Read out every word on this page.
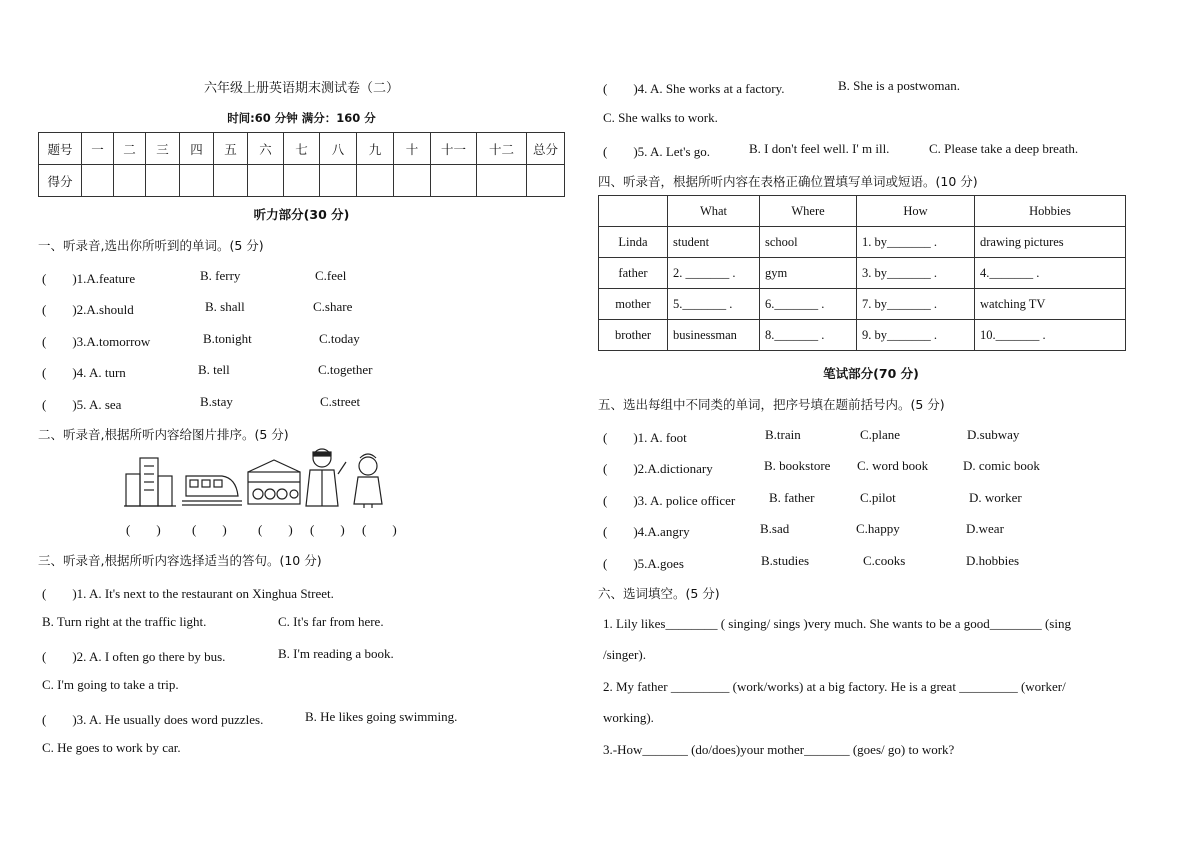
六年级上册英语期末测试卷（二）
时间:60 分钟 满分：160 分
题号	一	二	三	四	五	六	七	八	九	十	十一	十二	总分
得分													
听力部分(30 分)
一、听录音,选出你所听到的单词。(5 分)
(　　)1.A.feature	B. ferry	C.feel
(　　)2.A.should	B. shall	C.share
(　　)3.A.tomorrow	B.tonight	C.today
(　　)4. A. turn	B. tell	C.together
(　　)5. A. sea	B.stay	C.street
二、听录音,根据所听内容给图片排序。(5 分)
(　　) (　　) (　　) (　　) (　　)
三、听录音,根据所听内容选择适当的答句。(10 分)
(　　)1. A. It's next to the restaurant on Xinghua Street.
B. Turn right at the traffic light.	C. It's far from here.
(　　)2. A. I often go there by bus.	B. I'm reading a book.
C. I'm going to take a trip.
(　　)3. A. He usually does word puzzles.	B. He likes going swimming.
C. He goes to work by car.
(　　)4. A. She works at a factory.	B. She is a postwoman.
C. She walks to work.
(　　)5. A. Let's go.	B. I don't feel well. I' m ill.	C. Please take a deep breath.
四、听录音，根据所听内容在表格正确位置填写单词或短语。(10 分)
	What	Where	How	Hobbies
Linda	student	school	1. by_______ .	drawing pictures
father	2. _______ .	gym	3. by_______ .	4._______ .
mother	5._______ .	6._______ .	7. by_______ .	watching TV
brother	businessman	8._______ .	9. by_______ .	10._______ .
笔试部分(70 分)
五、选出每组中不同类的单词，把序号填在题前括号内。(5 分)
(　　)1. A. foot	B.train	C.plane	D.subway
(　　)2.A.dictionary	B. bookstore C. word book	D. comic book
(　　)3. A. police officer	B. father	C.pilot	D. worker
(　　)4.A.angry	B.sad	C.happy	D.wear
(　　)5.A.goes	B.studies	C.cooks	D.hobbies
六、选词填空。(5 分)
1. Lily likes________ ( singing/ sings )very much. She wants to be a good________ (sing
/singer).
2. My father _________ (work/works) at a big factory. He is a great _________ (worker/
working).
3.-How_______ (do/does)your mother_______ (goes/ go) to work?
